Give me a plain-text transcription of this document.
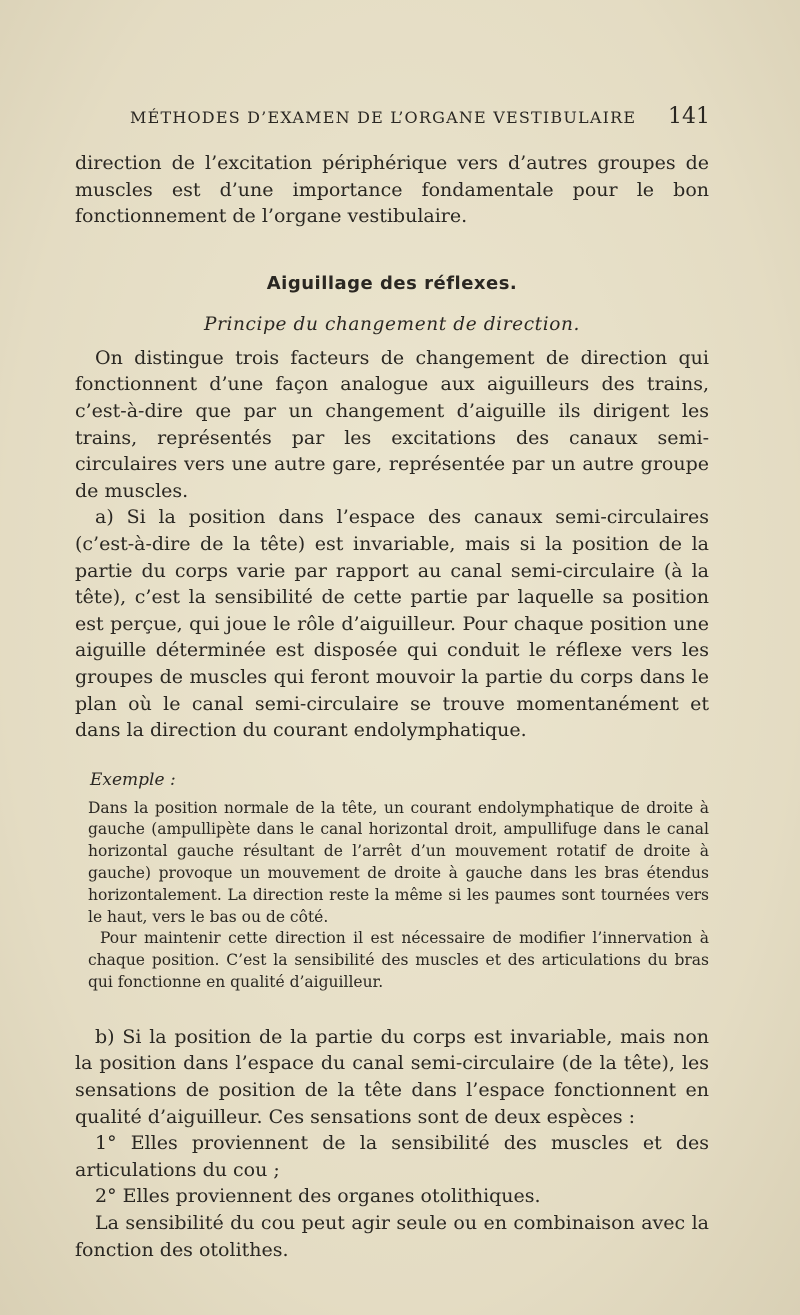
MÉTHODES D’EXAMEN DE L’ORGANE VESTIBULAIRE 141

direction de l’excitation périphérique vers d’autres groupes de muscles est d’une importance fondamentale pour le bon fonctionnement de l’organe vestibulaire.

Aiguillage des réflexes.
Principe du changement de direction.

On distingue trois facteurs de changement de direction qui fonctionnent d’une façon analogue aux aiguilleurs des trains, c’est-à-dire que par un changement d’aiguille ils dirigent les trains, représentés par les excitations des canaux semi-circulaires vers une autre gare, représentée par un autre groupe de muscles.

a) Si la position dans l’espace des canaux semi-circulaires (c’est-à-dire de la tête) est invariable, mais si la position de la partie du corps varie par rapport au canal semi-circulaire (à la tête), c’est la sensibilité de cette partie par laquelle sa position est perçue, qui joue le rôle d’aiguilleur. Pour chaque position une aiguille déterminée est disposée qui conduit le réflexe vers les groupes de muscles qui feront mouvoir la partie du corps dans le plan où le canal semi-circulaire se trouve momentanément et dans la direction du courant endolymphatique.

Exemple :

Dans la position normale de la tête, un courant endolymphatique de droite à gauche (ampullipète dans le canal horizontal droit, ampullifuge dans le canal horizontal gauche résultant de l’arrêt d’un mouvement rotatif de droite à gauche) provoque un mouvement de droite à gauche dans les bras étendus horizontalement. La direction reste la même si les paumes sont tournées vers le haut, vers le bas ou de côté.

Pour maintenir cette direction il est nécessaire de modifier l’innervation à chaque position. C’est la sensibilité des muscles et des articulations du bras qui fonctionne en qualité d’aiguilleur.

b) Si la position de la partie du corps est invariable, mais non la position dans l’espace du canal semi-circulaire (de la tête), les sensations de position de la tête dans l’espace fonctionnent en qualité d’aiguilleur. Ces sensations sont de deux espèces :

1° Elles proviennent de la sensibilité des muscles et des articulations du cou ;

2° Elles proviennent des organes otolithiques.

La sensibilité du cou peut agir seule ou en combinaison avec la fonction des otolithes.
